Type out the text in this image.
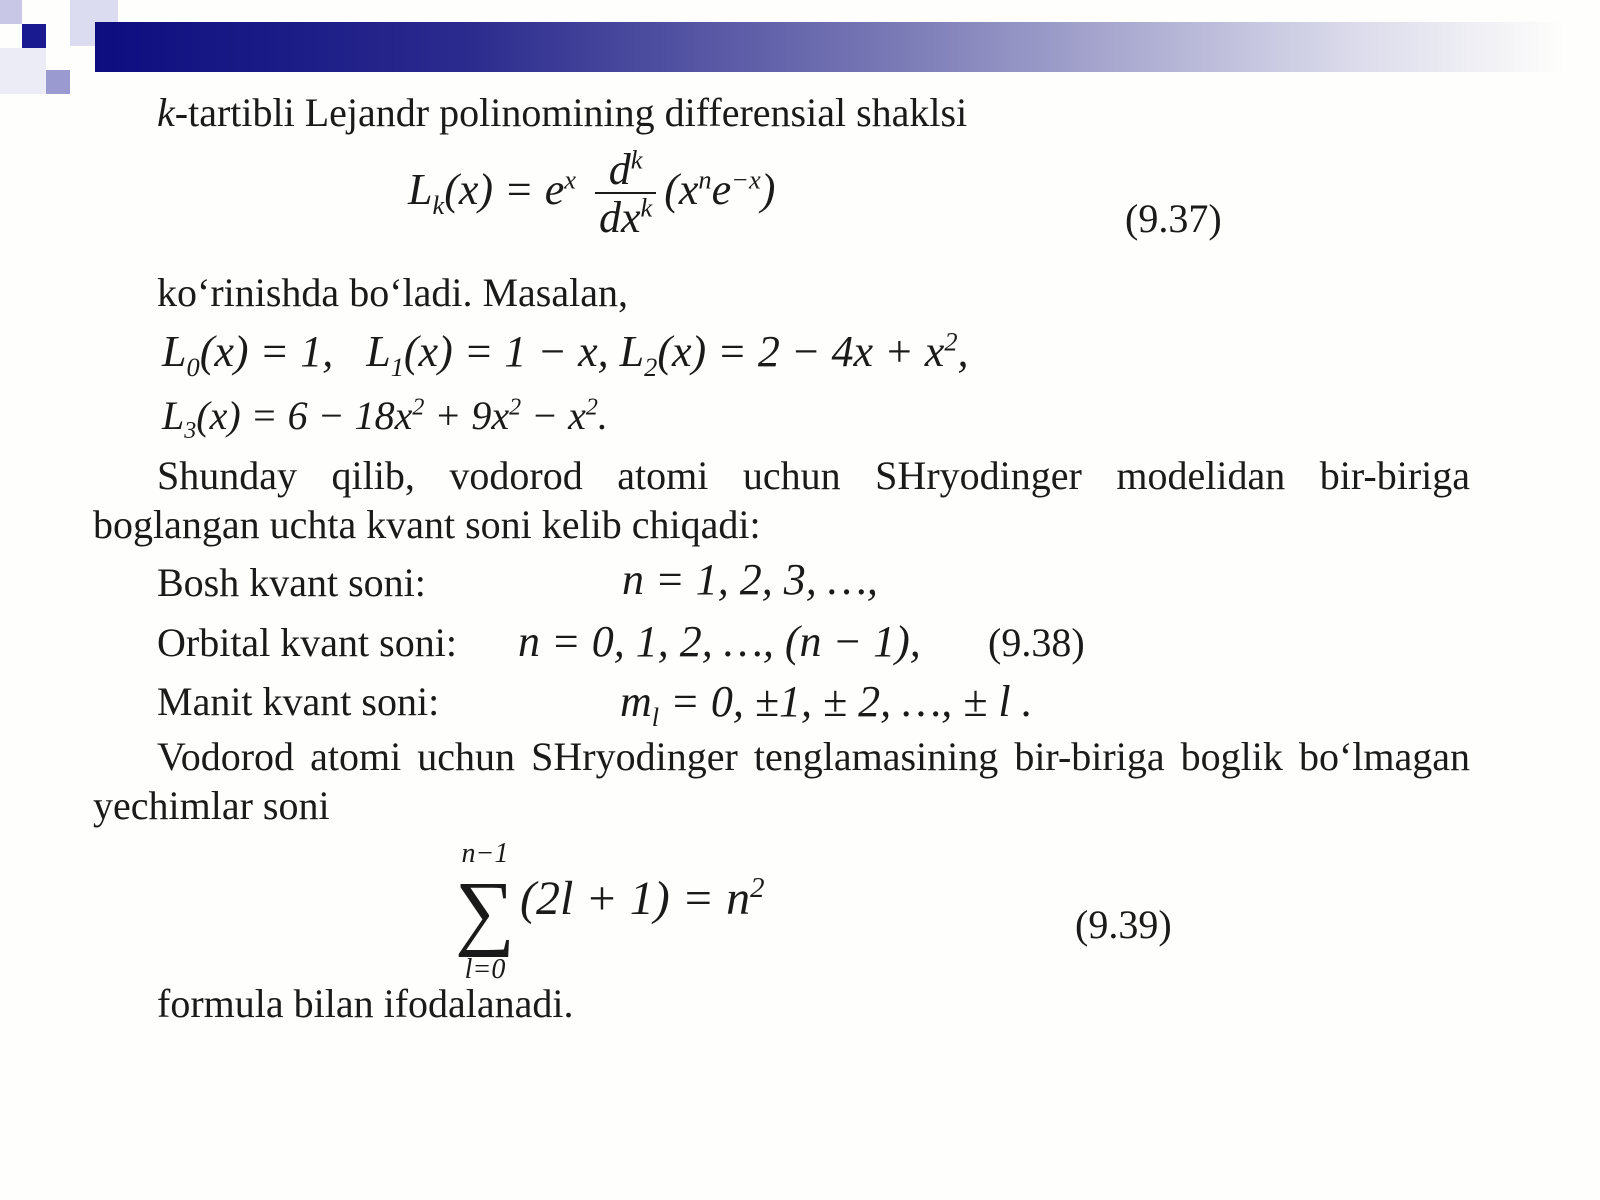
k-tartibli Lejandr polinomining differensial shaklsi
$L_k(x) = e^x \frac{d^k}{dx^k} (x^ne^{-x})$
(9.37)
ko‘rinishda bo‘ladi. Masalan,
$L_0(x) = 1$, $L_1(x) = 1 - x$, $L_2(x) = 2 - 4x + x^2$,
$L_3(x) = 6 - 18x^2 + 9x^2 - x^2$.
Shunday qilib, vodorod atomi uchun SHryodinger modelidan bir-biriga
boglangan uchta kvant soni kelib chiqadi:
Bosh kvant soni:	n = 1, 2, 3, …,
Orbital kvant soni: n = 0, 1, 2, …, (n − 1), (9.38)
Manit kvant soni:	$m_l = 0$, ±1, ± 2, …, ± l .
Vodorod atomi uchun SHryodinger tenglamasining bir-biriga boglik bo‘lmagan
yechimlar soni
n−1
∑
l=0
$(2l + 1) = n^2$
(9.39)
formula bilan ifodalanadi.
